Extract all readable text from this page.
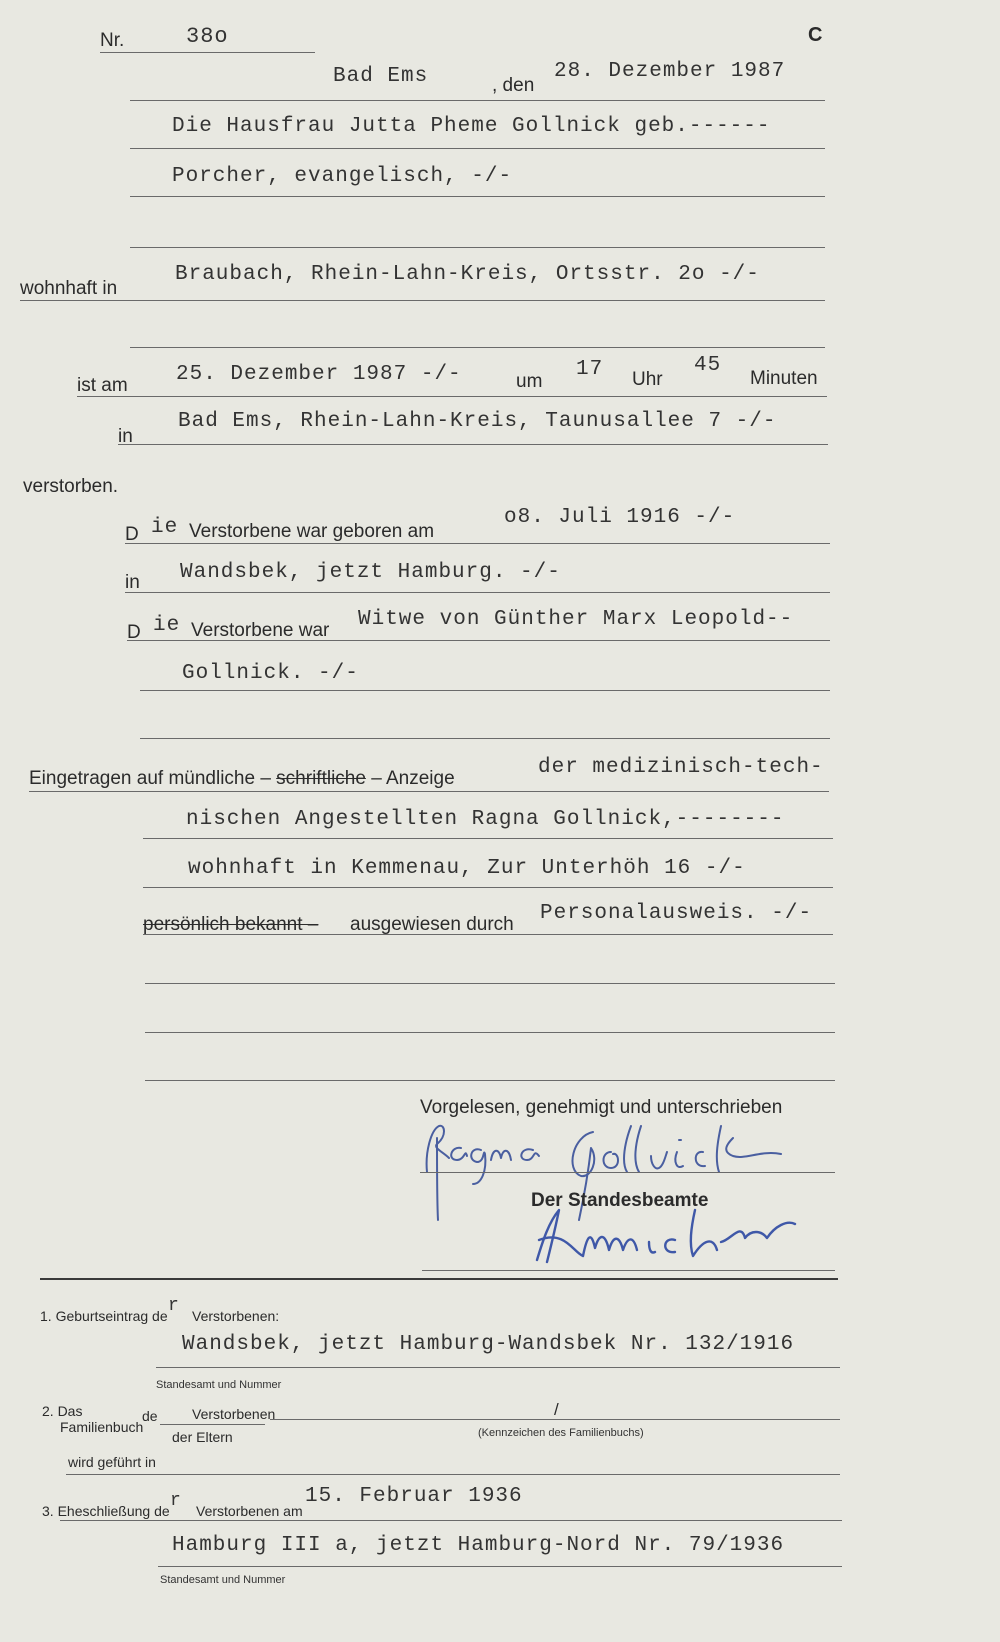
Nr.	38o	C
Bad Ems	, den
28. Dezember 1987
Die Hausfrau Jutta Pheme Gollnick geb.------
Porcher, evangelisch, -/-
wohnhaft in
Braubach, Rhein-Lahn-Kreis, Ortsstr. 2o -/-
ist am 25. Dezember 1987 -/-	um
17 Uhr
45
Minuten
in
Bad Ems, Rhein-Lahn-Kreis, Taunusallee 7 -/-
verstorben.
D ie Verstorbene war geboren am
o8. Juli 1916 -/-
in Wandsbek, jetzt Hamburg. -/-
D ie Verstorbene war Witwe von Günther Marx Leopold--
Gollnick. -/-
Eingetragen auf mündliche – schriftliche – Anzeige	der medizinisch-tech-
nischen Angestellten Ragna Gollnick,--------
wohnhaft in Kemmenau, Zur Unterhöh 16 -/-
persönlich bekannt – ausgewiesen durch Personalausweis. -/-
Vorgelesen, genehmigt und unterschrieben
Der Standesbeamte
1. Geburtseintrag de r Verstorbenen:
Wandsbek, jetzt Hamburg-Wandsbek Nr. 132/1916
Standesamt und Nummer
2. Das
Familienbuch
de Verstorbenen
der Eltern
/
(Kennzeichen des Familienbuchs)
wird geführt in
3. Eheschließung de r Verstorbenen am
15. Februar 1936
Hamburg III a, jetzt Hamburg-Nord Nr. 79/1936
Standesamt und Nummer
